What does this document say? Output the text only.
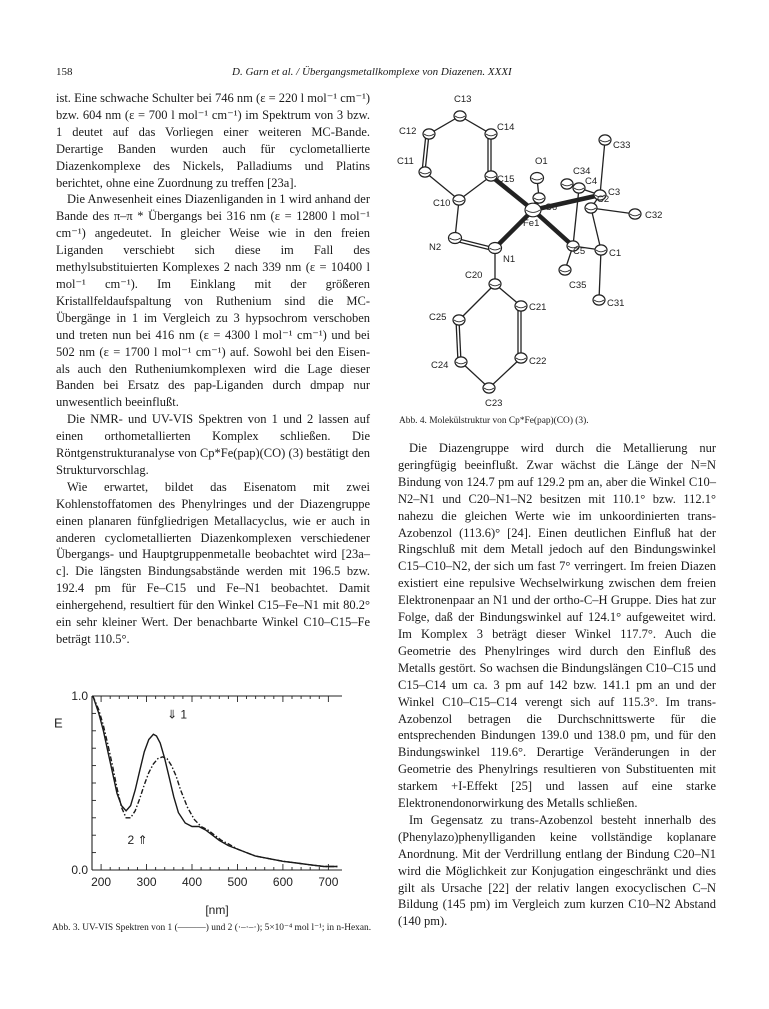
158	D. Garn et al. / Übergangsmetallkomplexe von Diazenen. XXXI

ist. Eine schwache Schulter bei 746 nm (ε = 220 l mol⁻¹ cm⁻¹) bzw. 604 nm (ε = 700 l mol⁻¹ cm⁻¹) im Spektrum von 3 bzw. 1 deutet auf das Vorliegen einer weiteren MC-Bande. Derartige Banden wurden auch für cyclometallierte Diazenkomplexe des Nickels, Palladiums und Platins berichtet, ohne eine Zuordnung zu treffen [23a].

Die Anwesenheit eines Diazenliganden in 1 wird anhand der Bande des π–π * Übergangs bei 316 nm (ε = 12800 l mol⁻¹ cm⁻¹) angedeutet. In gleicher Weise wie in den freien Liganden verschiebt sich diese im Fall des methylsubstituierten Komplexes 2 nach 339 nm (ε = 10400 l mol⁻¹ cm⁻¹). Im Einklang mit der größeren Kristallfeldaufspaltung von Ruthenium sind die MC-Übergänge in 1 im Vergleich zu 3 hypsochrom verschoben und treten nun bei 416 nm (ε = 4300 l mol⁻¹ cm⁻¹) und bei 502 nm (ε = 1700 l mol⁻¹ cm⁻¹) auf. Sowohl bei den Eisen- als auch den Rutheniumkomplexen wird die Lage dieser Banden bei Ersatz des pap-Liganden durch dmpap nur unwesentlich beeinflußt.

Die NMR- und UV-VIS Spektren von 1 und 2 lassen auf einen orthometallierten Komplex schließen. Die Röntgenstrukturanalyse von Cp*Fe(pap)(CO) (3) bestätigt den Strukturvorschlag.

Wie erwartet, bildet das Eisenatom mit zwei Kohlenstoffatomen des Phenylringes und der Diazengruppe einen planaren fünfgliedrigen Metallacyclus, wie er auch in anderen cyclometallierten Diazenkomplexen verschiedener Übergangs- und Hauptgruppenmetalle beobachtet wird [23a–c]. Die längsten Bindungsabstände werden mit 196.5 bzw. 192.4 pm für Fe–C15 und Fe–N1 beobachtet. Damit einhergehend, resultiert für den Winkel C15–Fe–N1 mit 80.2° ein sehr kleiner Wert. Der benachbarte Winkel C10–C15–Fe beträgt 110.5°.

Die Diazengruppe wird durch die Metallierung nur geringfügig beeinflußt. Zwar wächst die Länge der N=N Bindung von 124.7 pm auf 129.2 pm an, aber die Winkel C10–N2–N1 und C20–N1–N2 besitzen mit 110.1° bzw. 112.1° nahezu die gleichen Werte wie im unkoordinierten trans-Azobenzol (113.6)° [24]. Einen deutlichen Einfluß hat der Ringschluß mit dem Metall jedoch auf den Bindungswinkel C15–C10–N2, der sich um fast 7° verringert. Im freien Diazen existiert eine repulsive Wechselwirkung zwischen dem freien Elektronenpaar an N1 und der ortho-C–H Gruppe. Dies hat zur Folge, daß der Bindungswinkel auf 124.1° aufgeweitet wird. Im Komplex 3 beträgt dieser Winkel 117.7°. Auch die Geometrie des Phenylringes wird durch den Einfluß des Metalls gestört. So wachsen die Bindungslängen C10–C15 und C15–C14 um ca. 3 pm auf 142 bzw. 141.1 pm an und der Winkel C10–C15–C14 verengt sich auf 115.3°. Im trans-Azobenzol betragen die Durchschnittswerte für die entsprechenden Bindungen 139.0 und 138.0 pm, und für den Bindungswinkel 119.6°. Derartige Veränderungen in der Geometrie des Phenylrings resultieren von Substituenten mit starkem +I-Effekt [25] und lassen auf eine starke Elektronendonorwirkung des Metalls schließen.

Im Gegensatz zu trans-Azobenzol besteht innerhalb des (Phenylazo)phenylliganden keine vollständige koplanare Anordnung. Mit der Verdrillung entlang der Bindung C20–N1 wird die Möglichkeit zur Konjugation eingeschränkt und dies gilt als Ursache [22] der relativ langen exocyclischen C–N Bildung (145 pm) im Vergleich zum kurzen C10–N2 Abstand (140 pm).

C13
C12	C14
C11
C15
C10
O1
C34
C33
C6
C4
C3
C2
C32
Fe1
N2	C5	C1
N1
C35
C20
C21	C31
C25
C22
C24
C23
Abb. 4. Molekülstruktur von Cp*Fe(pap)(CO) (3).
200 300 400 500 600 700
0.0
1.0
E
[nm]
⇓ 1
2 ⇑
Abb. 3. UV-VIS Spektren von 1 (———) und 2 (·–·–·); 5×10⁻⁴ mol l⁻¹; in n-Hexan.
